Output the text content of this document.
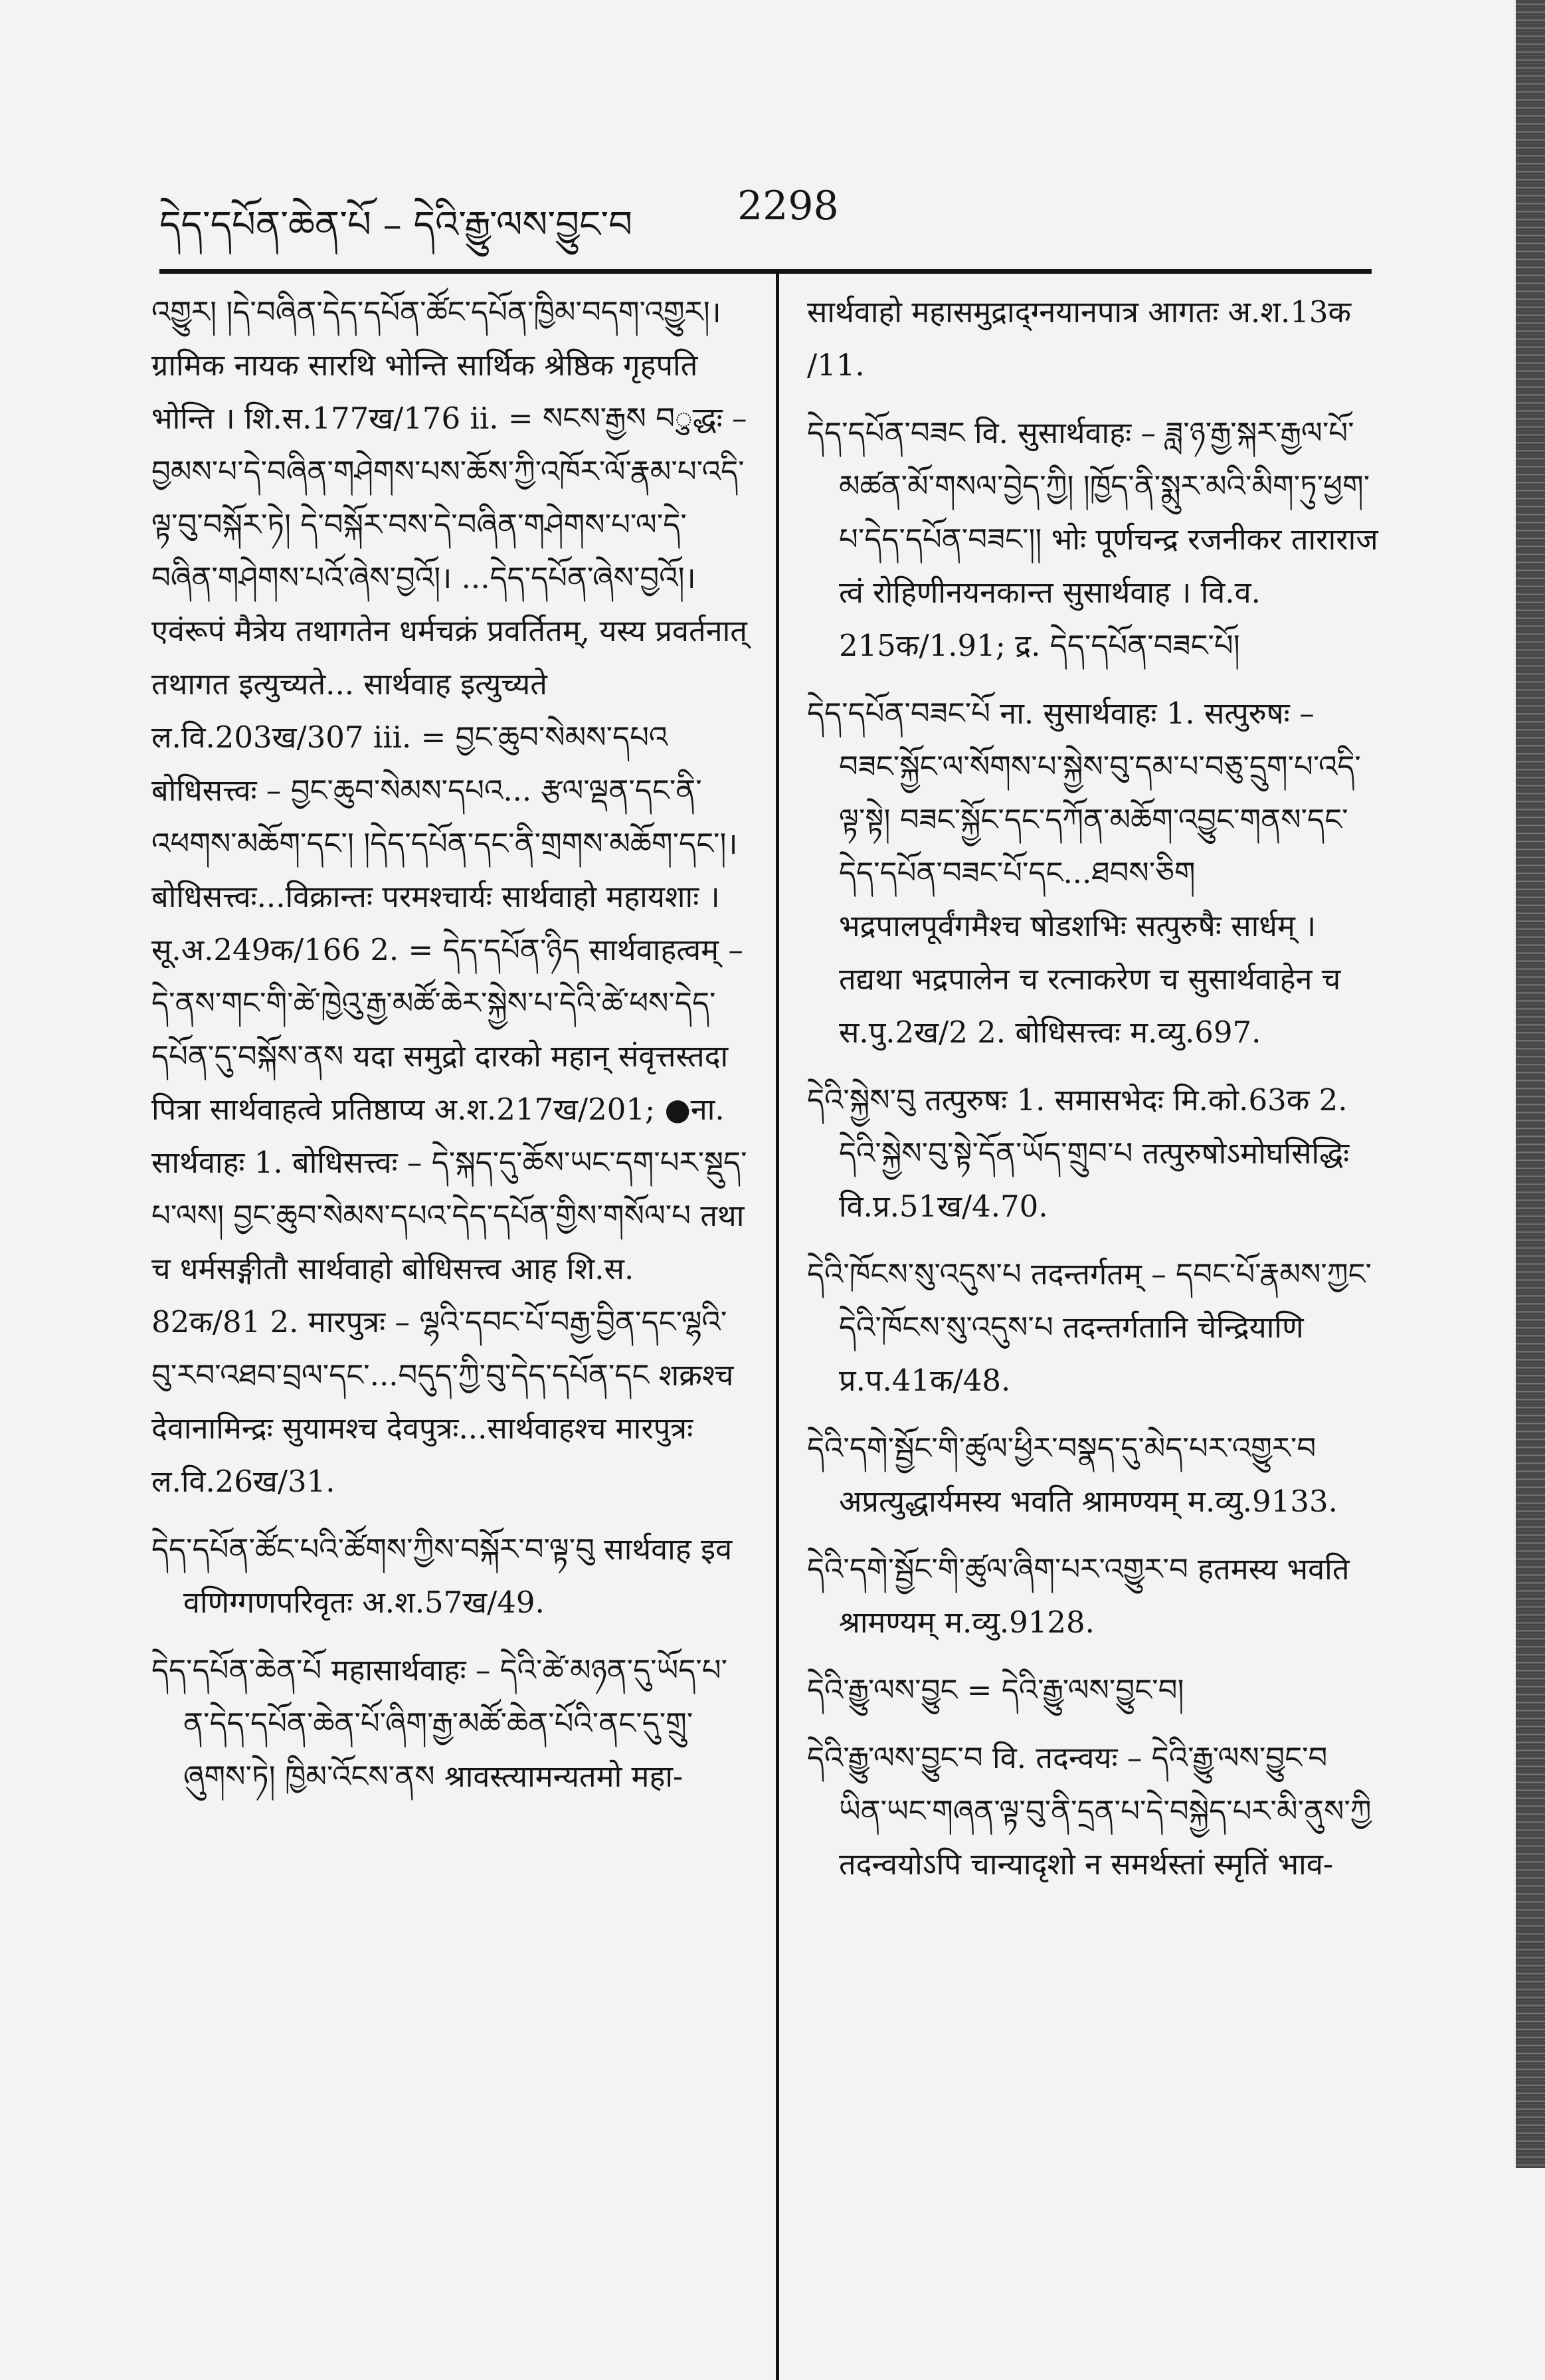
དེད་དཔོན་ཆེན་པོ – དེའི་རྒྱུ་ལས་བྱུང་བ	2298

འགྱུར། །དེ་བཞིན་དེད་དཔོན་ཚོང་དཔོན་ཁྱིམ་བདག་འགྱུར།। ग्रामिक नायक सारथि भोन्ति सार्थिक श्रेष्ठिक गृहपति भोन्ति । शि.स.177ख/176 ii. = སངས་རྒྱས བुद्धः – བྱམས་པ་དེ་བཞིན་གཤེགས་པས་ཆོས་ཀྱི་འཁོར་ལོ་རྣམ་པ་འདི་ལྟ་བུ་བསྐོར་ཏེ། དེ་བསྐོར་བས་དེ་བཞིན་གཤེགས་པ་ལ་དེ་བཞིན་གཤེགས་པའོ་ཞེས་བྱའོ།। ...དེད་དཔོན་ཞེས་བྱའོ།। एवंरूपं मैत्रेय तथागतेन धर्मचक्रं प्रवर्तितम्, यस्य प्रवर्तनात् तथागत इत्युच्यते... सार्थवाह इत्युच्यते ल.वि.203ख/307 iii. = བྱང་ཆུབ་སེམས་དཔའ बोधिसत्त्वः – བྱང་ཆུབ་སེམས་དཔའ... རྩལ་ལྡན་དང་ནི་འཕགས་མཆོག་དང་། །དེད་དཔོན་དང་ནི་གྲགས་མཆོག་དང་།। बोधिसत्त्वः...विक्रान्तः परमश्चार्यः सार्थवाहो महायशाः । सू.अ.249क/166 2. = དེད་དཔོན་ཉིད सार्थवाहत्वम् – དེ་ནས་གང་གི་ཚེ་ཁྱེའུ་རྒྱ་མཚོ་ཆེར་སྐྱེས་པ་དེའི་ཚེ་ཕས་དེད་དཔོན་དུ་བསྐོས་ནས यदा समुद्रो दारको महान् संवृत्तस्तदा पित्रा सार्थवाहत्वे प्रतिष्ठाप्य अ.श.217ख/201; ●ना. सार्थवाहः 1. बोधिसत्त्वः – དེ་སྐད་དུ་ཆོས་ཡང་དག་པར་སྡུད་པ་ལས། བྱང་ཆུབ་སེམས་དཔའ་དེད་དཔོན་གྱིས་གསོལ་པ तथा च धर्मसङ्गीतौ सार्थवाहो बोधिसत्त्व आह शि.स. 82क/81 2. मारपुत्रः – ལྷའི་དབང་པོ་བརྒྱ་བྱིན་དང་ལྷའི་བུ་རབ་འཐབ་བྲལ་དང་...བདུད་ཀྱི་བུ་དེད་དཔོན་དང शक्रश्च देवानामिन्द्रः सुयामश्च देवपुत्रः...सार्थवाहश्च मारपुत्रः ल.वि.26ख/31.

དེད་དཔོན་ཚོང་པའི་ཚོགས་ཀྱིས་བསྐོར་བ་ལྟ་བུ सार्थवाह इव वणिग्गणपरिवृतः अ.श.57ख/49.

དེད་དཔོན་ཆེན་པོ महासार्थवाहः – དེའི་ཚེ་མཉན་དུ་ཡོད་པ་ན་དེད་དཔོན་ཆེན་པོ་ཞིག་རྒྱ་མཚོ་ཆེན་པོའི་ནང་དུ་གྲུ་ཞུགས་ཏེ། ཁྱིམ་འོངས་ནས श्रावस्त्यामन्यतमो महा-

सार्थवाहो महासमुद्राद्ग्नयानपात्र आगतः अ.श.13क /11.

དེད་དཔོན་བཟང वि. सुसार्थवाहः – ཟླ་ཉ་རྒྱ་སྐར་རྒྱལ་པོ་མཚན་མོ་གསལ་བྱེད་ཀྱི། །ཁྱོད་ནི་སྨུར་མའི་མིག་ཏུ་ཕྱག་པ་དེད་དཔོན་བཟང་།། भोः पूर्णचन्द्र रजनीकर ताराराज त्वं रोहिणीनयनकान्त सुसार्थवाह । वि.व. 215क/1.91; द्र. དེད་དཔོན་བཟང་པོ།

དེད་དཔོན་བཟང་པོ ना. सुसार्थवाहः 1. सत्पुरुषः – བཟང་སྐྱོང་ལ་སོགས་པ་སྐྱེས་བུ་དམ་པ་བཅུ་དྲུག་པ་འདི་ལྟ་སྟེ། བཟང་སྐྱོང་དང་དཀོན་མཆོག་འབྱུང་གནས་དང་དེད་དཔོན་བཟང་པོ་དང...ཐབས་ཅིག भद्रपालपूर्वंगमैश्च षोडशभिः सत्पुरुषैः सार्धम् । तद्यथा भद्रपालेन च रत्नाकरेण च सुसार्थवाहेन च स.पु.2ख/2 2. बोधिसत्त्वः म.व्यु.697.

དེའི་སྐྱེས་བུ तत्पुरुषः 1. समासभेदः मि.को.63क 2. དེའི་སྐྱེས་བུ་སྟེ་དོན་ཡོད་གྲུབ་པ तत्पुरुषोऽमोघसिद्धिः वि.प्र.51ख/4.70.

དེའི་ཁོངས་སུ་འདུས་པ तदन्तर्गतम् – དབང་པོ་རྣམས་ཀྱང་དེའི་ཁོངས་སུ་འདུས་པ तदन्तर्गतानि चेन्द्रियाणि प्र.प.41क/48.

དེའི་དགེ་སྦྱོང་གི་ཚུལ་ཕྱིར་བསྣད་དུ་མེད་པར་འགྱུར་བ अप्रत्युद्धार्यमस्य भवति श्रामण्यम् म.व्यु.9133.

དེའི་དགེ་སྦྱོང་གི་ཚུལ་ཞིག་པར་འགྱུར་བ हतमस्य भवति श्रामण्यम् म.व्यु.9128.

དེའི་རྒྱུ་ལས་བྱུང = དེའི་རྒྱུ་ལས་བྱུང་བ།

དེའི་རྒྱུ་ལས་བྱུང་བ वि. तदन्वयः – དེའི་རྒྱུ་ལས་བྱུང་བ ཡིན་ཡང་གཞན་ལྟ་བུ་ནི་དྲན་པ་དེ་བསྐྱེད་པར་མི་ནུས་ཀྱི तदन्वयोऽपि चान्यादृशो न समर्थस्तां स्मृतिं भाव-
